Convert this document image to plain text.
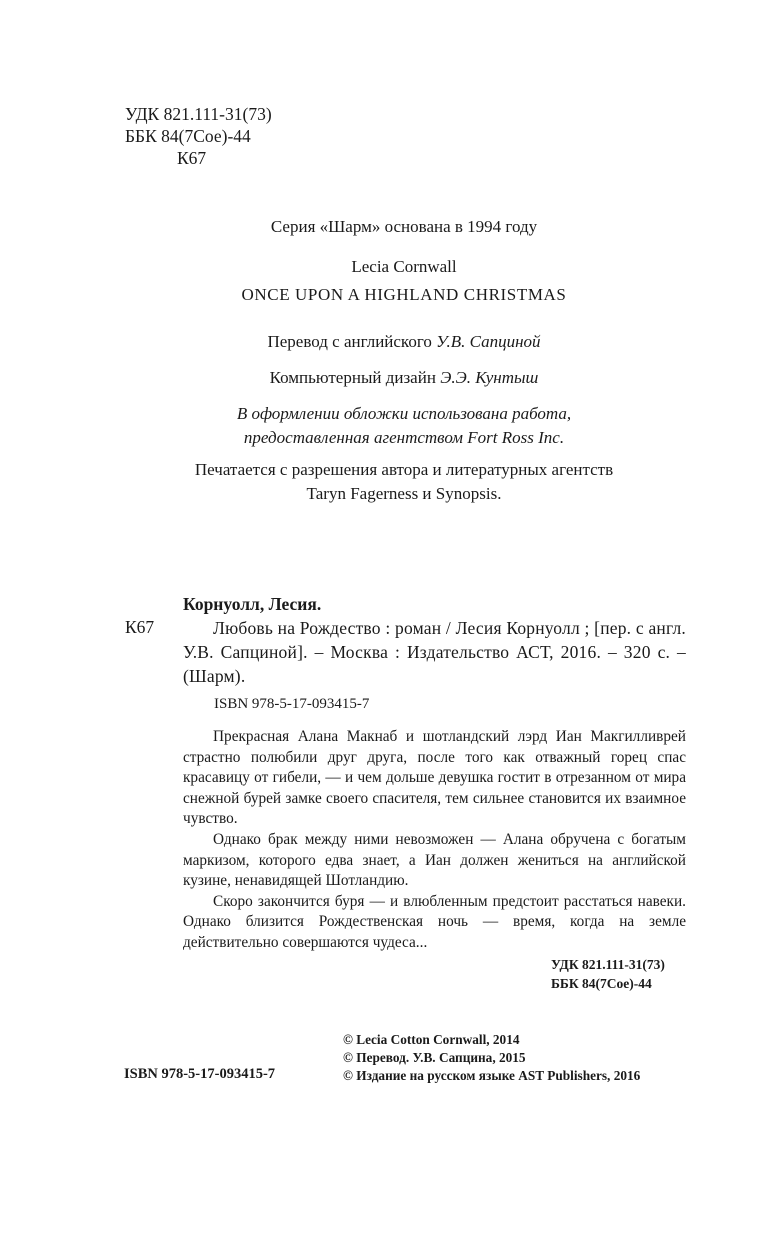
УДК 821.111-31(73)
ББК 84(7Сое)-44
К67
Серия «Шарм» основана в 1994 году
Lecia Cornwall
ONCE UPON A HIGHLAND CHRISTMAS
Перевод с английского У.В. Сапциной
Компьютерный дизайн Э.Э. Кунтыш
В оформлении обложки использована работа,
предоставленная агентством Fort Ross Inc.
Печатается с разрешения автора и литературных агентств
Taryn Fagerness и Synopsis.
К67
Корнуолл, Лесия.
Любовь на Рождество : роман / Лесия Корнуолл ; [пер. с англ. У.В. Сапциной]. – Москва : Издательство АСТ, 2016. – 320 с. – (Шарм).
ISBN 978-5-17-093415-7

Прекрасная Алана Макнаб и шотландский лэрд Иан Макгилливрей страстно полюбили друг друга, после того как отважный горец спас красавицу от гибели, — и чем дольше девушка гостит в отрезанном от мира снежной бурей замке своего спасителя, тем сильнее становится их взаимное чувство.

Однако брак между ними невозможен — Алана обручена с богатым маркизом, которого едва знает, а Иан должен жениться на английской кузине, ненавидящей Шотландию.

Скоро закончится буря — и влюбленным предстоит расстаться навеки. Однако близится Рождественская ночь — время, когда на земле действительно совершаются чудеса...

УДК 821.111-31(73)
ББК 84(7Сое)-44
© Lecia Cotton Cornwall, 2014
© Перевод. У.В. Сапцина, 2015
© Издание на русском языке AST Publishers, 2016
ISBN 978-5-17-093415-7
